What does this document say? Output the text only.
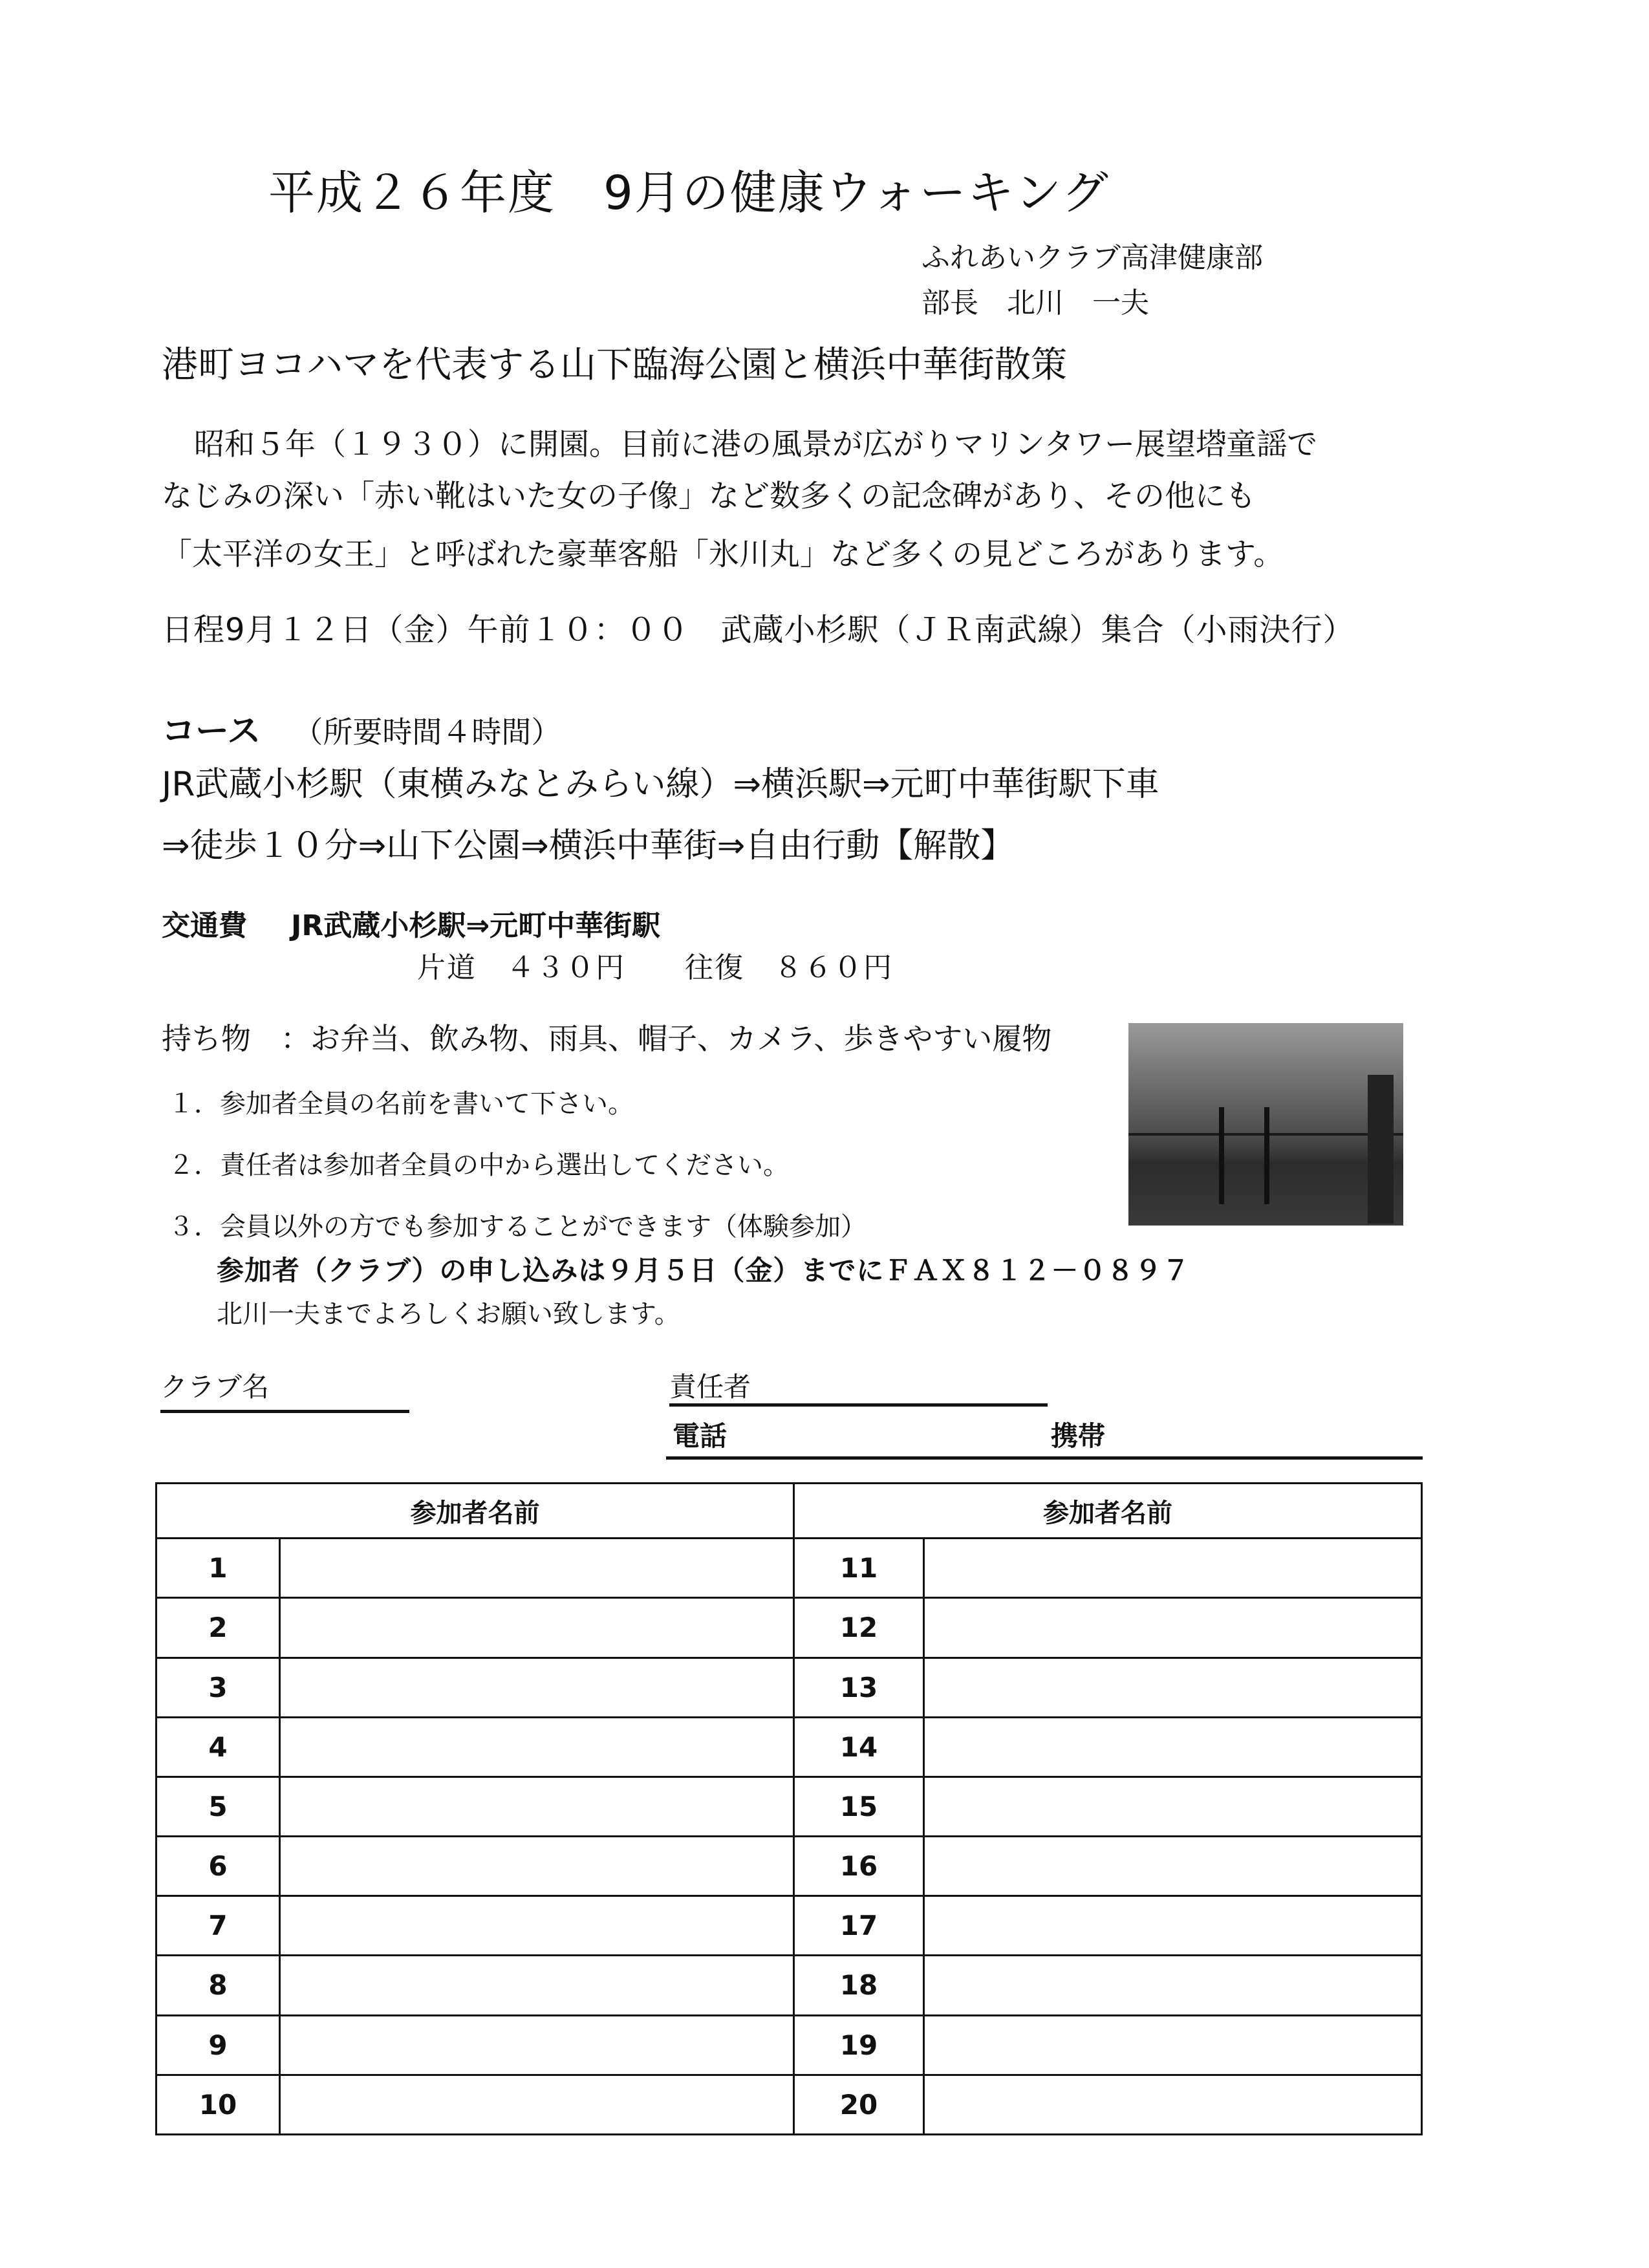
平成２６年度　9月の健康ウォーキング
ふれあいクラブ高津健康部
部長　北川　一夫
港町ヨコハマを代表する山下臨海公園と横浜中華街散策
昭和５年（１９３０）に開園。目前に港の風景が広がりマリンタワー展望塔ᡃ童謡で
なじみの深い「赤い靴はいた女の子像」など数多くの記念碑があり、その他にも
「太平洋の女王」と呼ばれた豪華客船「氷川丸」など多くの見どころがあります。
日程9月１２日（金）午前１０：００　武蔵小杉駅（ＪＲ南武線）集合（小雨決行）
コース （所要時間４時間）
JR武蔵小杉駅（東横みなとみらい線）⇒横浜駅⇒元町中華街駅下車
⇒徒歩１０分⇒山下公園⇒横浜中華街⇒自由行動【解散】
交通費 JR武蔵小杉駅⇒元町中華街駅
片道　４３０円　　往復　８６０円
持ち物　：お弁当、飲み物、雨具、帽子、カメラ、歩きやすい履物
１．参加者全員の名前を書いて下さい。
２．責任者は参加者全員の中から選出してください。
３．会員以外の方でも参加することができます（体験参加）
参加者（クラブ）の申し込みは９月５日（金）までにＦＡＸ８１２－０８９７
北川一夫までよろしくお願い致します。
クラブ名	責任者
電話	携帯
参加者名前		参加者名前	
1		11	
2		12	
3		13	
4		14	
5		15	
6		16	
7		17	
8		18	
9		19	
10		20	
